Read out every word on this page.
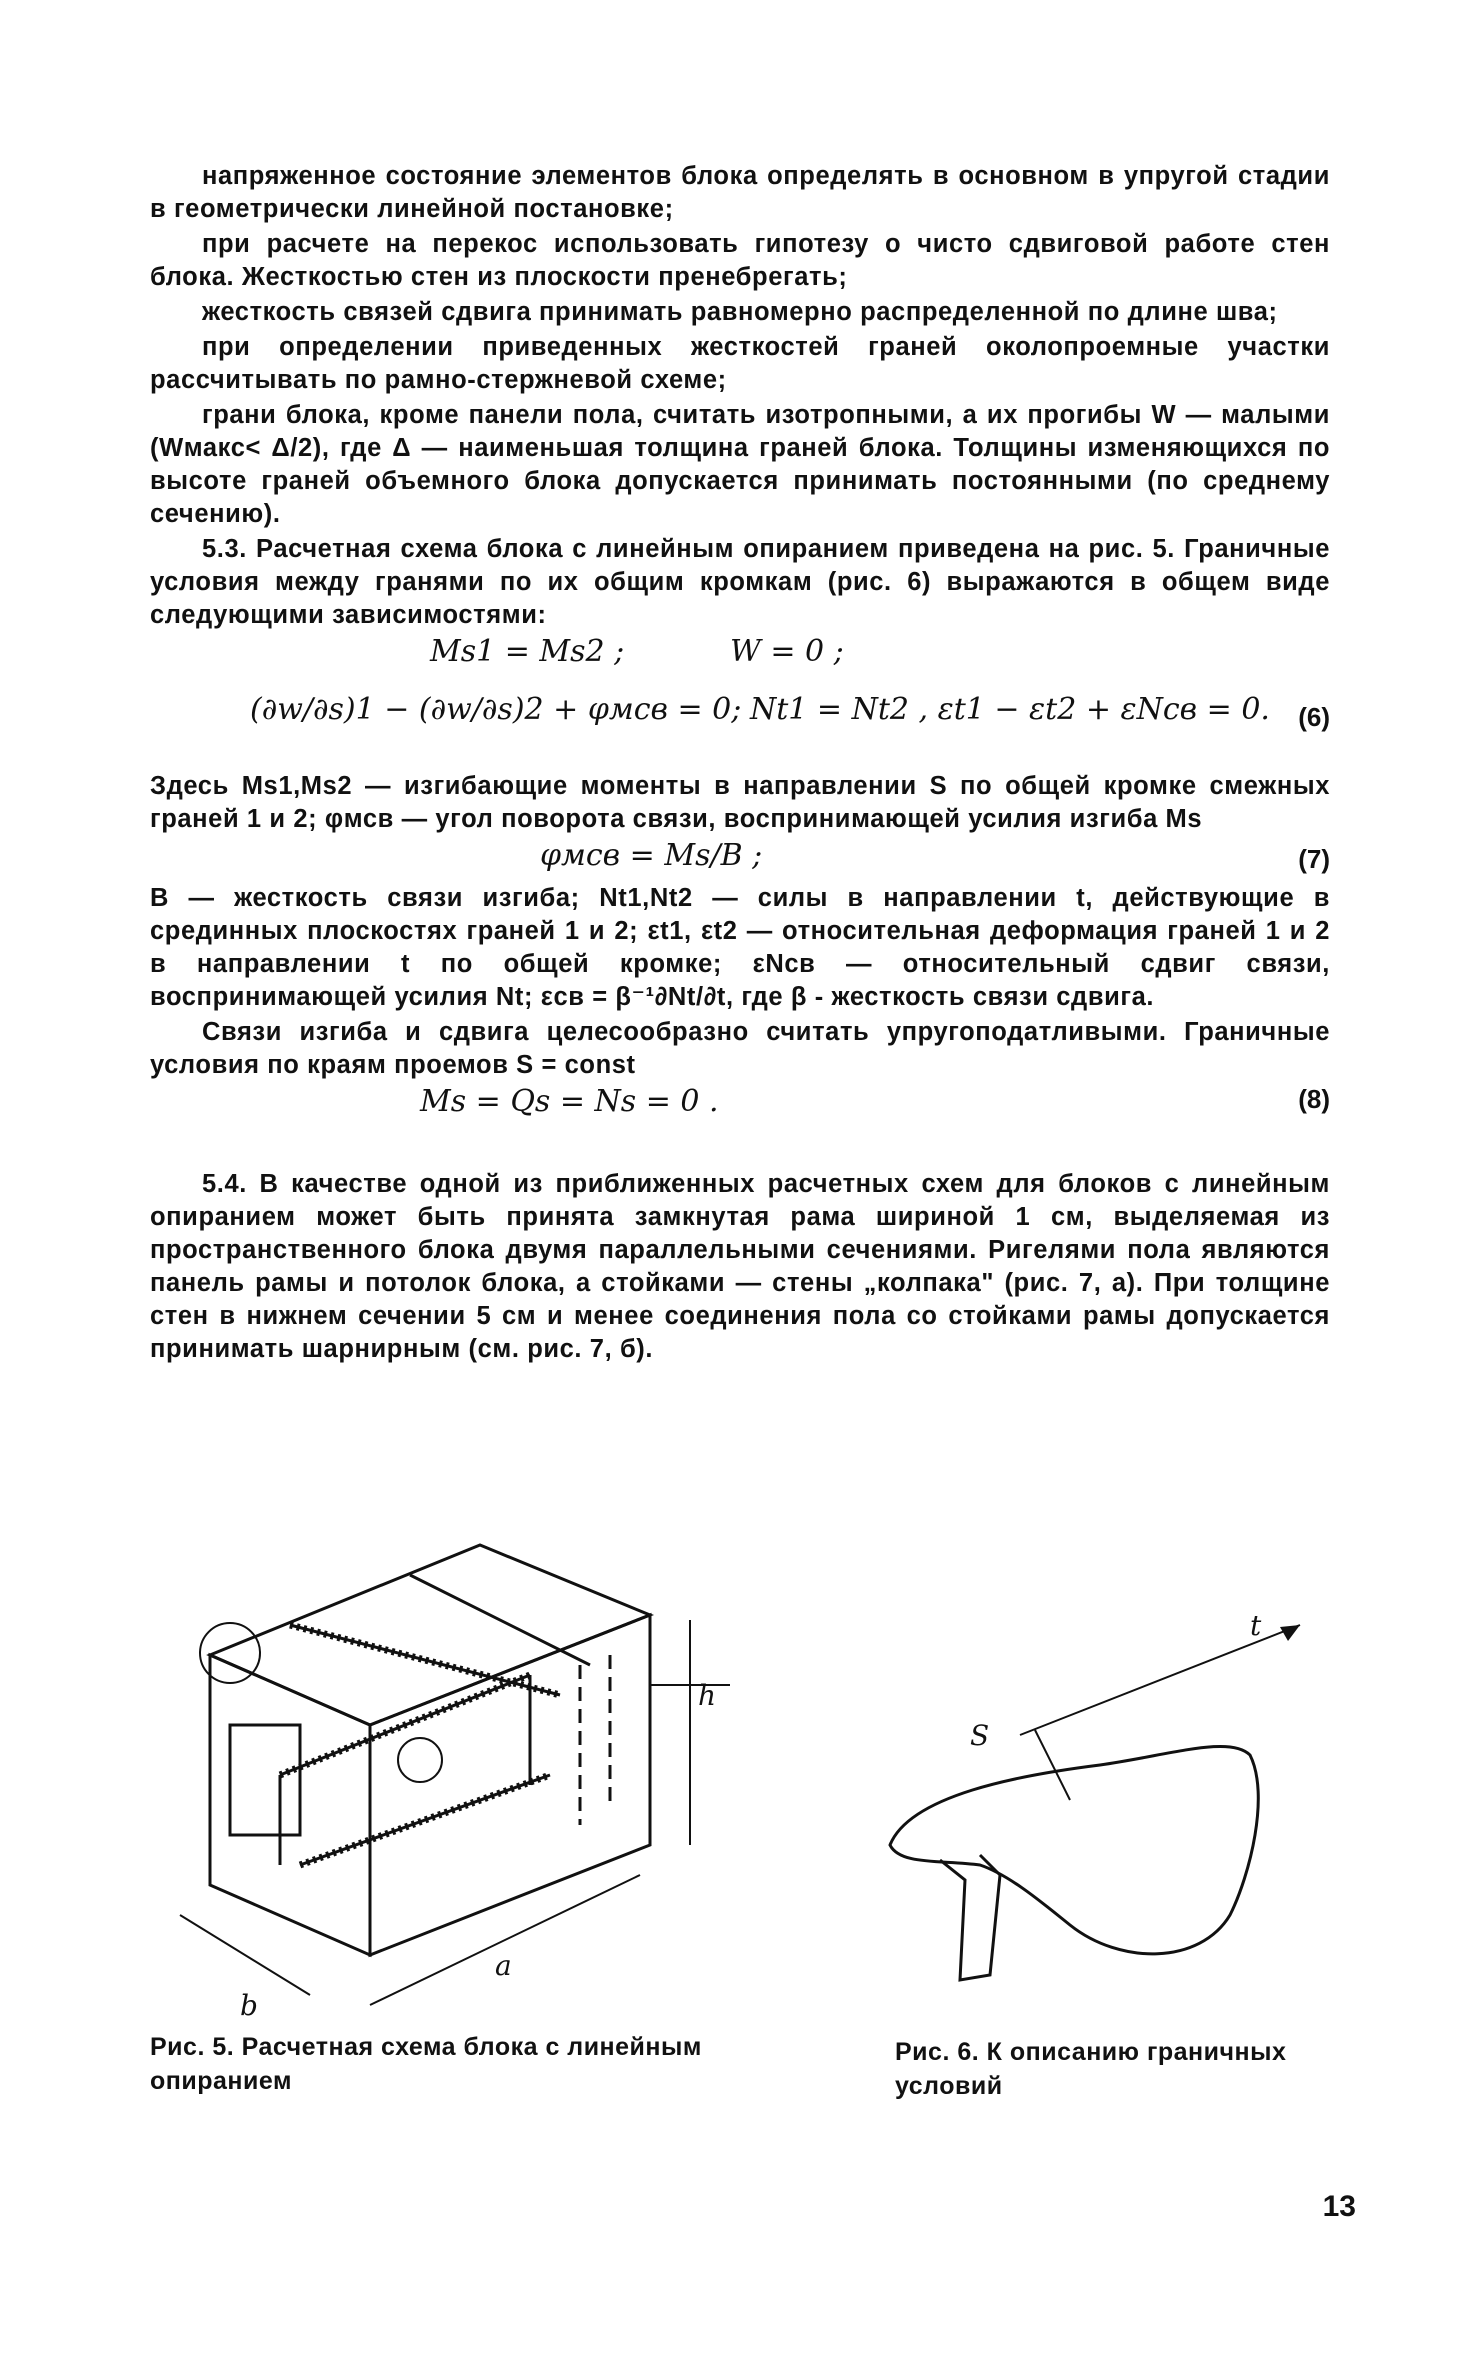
напряженное состояние элементов блока определять в основном в упругой стадии в геометрически линейной постановке;

при расчете на перекос использовать гипотезу о чисто сдвиговой работе стен блока. Жесткостью стен из плоскости пренебрегать;

жесткость связей сдвига принимать равномерно распределенной по длине шва;

при определении приведенных жесткостей граней околопроемные участки рассчитывать по рамно-стержневой схеме;

грани блока, кроме панели пола, считать изотропными, а их прогибы W — малыми (Wмакс< Δ/2), где Δ — наименьшая толщина граней блока. Толщины изменяющихся по высоте граней объемного блока допускается принимать постоянными (по среднему сечению).

5.3. Расчетная схема блока с линейным опиранием приведена на рис. 5. Граничные условия между гранями по их общим кромкам (рис. 6) выражаются в общем виде следующими зависимостями:

Ms1 = Ms2 ;	W = 0 ;
(∂w/∂s)1 − (∂w/∂s)2 + φмсв = 0; Nt1 = Nt2 , εt1 − εt2 + εNсв = 0. (6)

Здесь Ms1,Ms2 — изгибающие моменты в направлении S по общей кромке смежных граней 1 и 2; φмсв — угол поворота связи, воспринимающей усилия изгиба Ms

φмсв = Ms/B ;	(7)

B — жесткость связи изгиба; Nt1,Nt2 — силы в направлении t, действующие в срединных плоскостях граней 1 и 2; εt1, εt2 — относительная деформация граней 1 и 2 в направлении t по общей кромке; εNсв — относительный сдвиг связи, воспринимающей усилия Nt; εсв = β⁻¹∂Nt/∂t, где β - жесткость связи сдвига.

Связи изгиба и сдвига целесообразно считать упругоподатливыми. Граничные условия по краям проемов S = const

Ms = Qs = Ns = 0 .	(8)

5.4. В качестве одной из приближенных расчетных схем для блоков с линейным опиранием может быть принята замкнутая рама шириной 1 см, выделяемая из пространственного блока двумя параллельными сечениями. Ригелями пола являются панель рамы и потолок блока, а стойками — стены „колпака" (рис. 7, а). При толщине стен в нижнем сечении 5 см и менее соединения пола со стойками рамы допускается принимать шарнирным (см. рис. 7, б).

b
a
h
S
t
Рис. 5. Расчетная схема блока с линейным опиранием
Рис. 6. К описанию граничных условий
13
